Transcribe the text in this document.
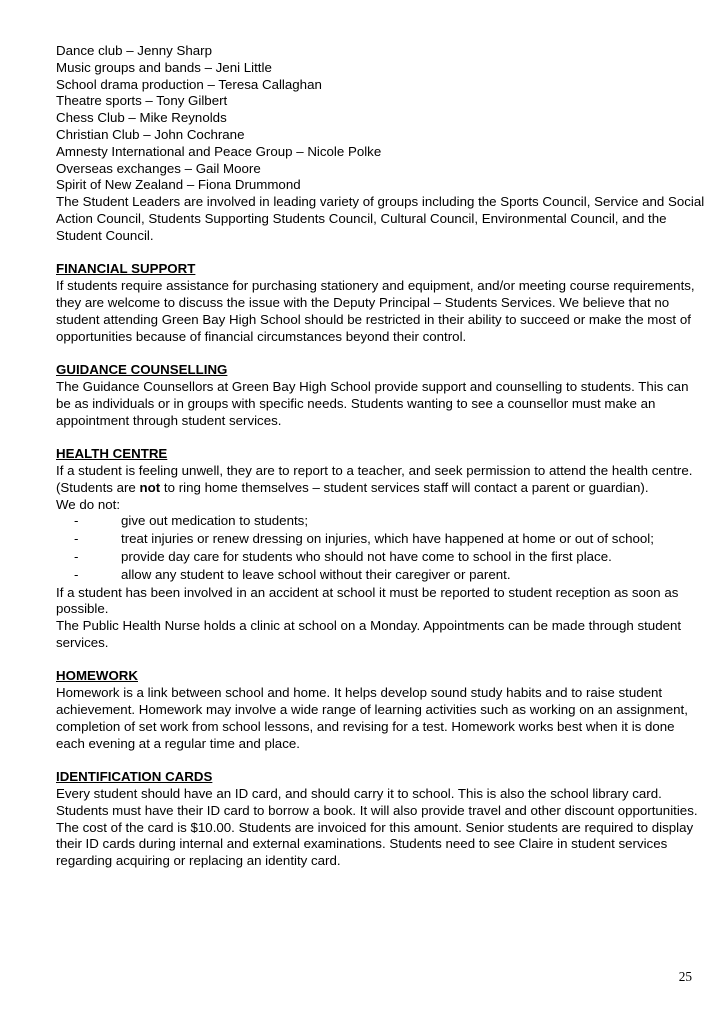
Dance club – Jenny Sharp

Music groups and bands – Jeni Little

School drama production – Teresa Callaghan

Theatre sports – Tony Gilbert

Chess Club – Mike Reynolds

Christian Club – John Cochrane

Amnesty International and Peace Group – Nicole Polke

Overseas exchanges – Gail Moore

Spirit of New Zealand – Fiona Drummond

The Student Leaders are involved in leading variety of groups including the Sports Council, Service and Social Action Council, Students Supporting Students Council, Cultural Council, Environmental Council, and the Student Council.

FINANCIAL SUPPORT

If students require assistance for purchasing stationery and equipment, and/or meeting course requirements, they are welcome to discuss the issue with the Deputy Principal – Students Services. We believe that no student attending Green Bay High School should be restricted in their ability to succeed or make the most of opportunities because of financial circumstances beyond their control.

GUIDANCE COUNSELLING

The Guidance Counsellors at Green Bay High School provide support and counselling to students. This can be as individuals or in groups with specific needs. Students wanting to see a counsellor must make an appointment through student services.

HEALTH CENTRE

If a student is feeling unwell, they are to report to a teacher, and seek permission to attend the health centre. (Students are not to ring home themselves – student services staff will contact a parent or guardian).

We do not:

-	give out medication to students;
-	treat injuries or renew dressing on injuries, which have happened at home or out of school;
-	provide day care for students who should not have come to school in the first place.
-	allow any student to leave school without their caregiver or parent.

If a student has been involved in an accident at school it must be reported to student reception as soon as possible.

The Public Health Nurse holds a clinic at school on a Monday. Appointments can be made through student services.

HOMEWORK

Homework is a link between school and home. It helps develop sound study habits and to raise student achievement. Homework may involve a wide range of learning activities such as working on an assignment, completion of set work from school lessons, and revising for a test. Homework works best when it is done each evening at a regular time and place.

IDENTIFICATION CARDS

Every student should have an ID card, and should carry it to school. This is also the school library card. Students must have their ID card to borrow a book. It will also provide travel and other discount opportunities. The cost of the card is $10.00. Students are invoiced for this amount. Senior students are required to display their ID cards during internal and external examinations. Students need to see Claire in student services regarding acquiring or replacing an identity card.

25
